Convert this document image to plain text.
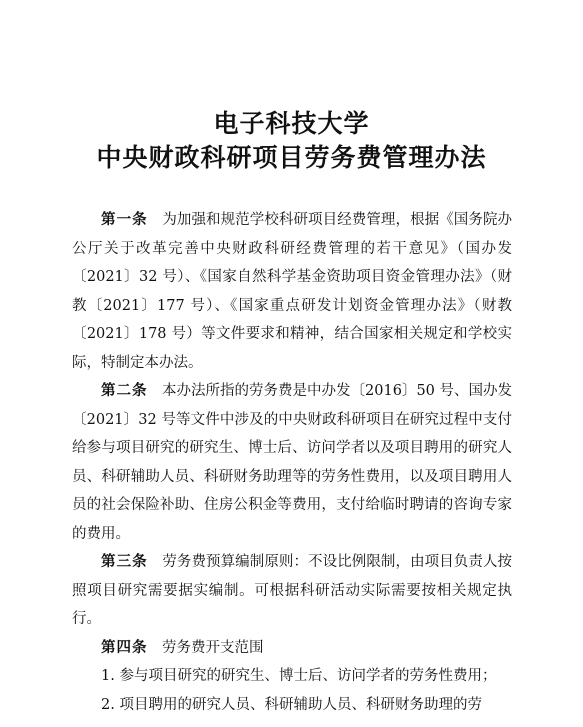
电子科技大学
中央财政科研项目劳务费管理办法

第一条　 为加强和规范学校科研项目经费管理，根据《国务院办公厅关于改革完善中央财政科研经费管理的若干意见》（国办发〔2021〕32 号）、《国家自然科学基金资助项目资金管理办法》（财教〔2021〕177 号）、《国家重点研发计划资金管理办法》（财教〔2021〕178 号）等文件要求和精神，结合国家相关规定和学校实际，特制定本办法。

第二条　 本办法所指的劳务费是中办发〔2016〕50 号、国办发〔2021〕32 号等文件中涉及的中央财政科研项目在研究过程中支付给参与项目研究的研究生、博士后、访问学者以及项目聘用的研究人员、科研辅助人员、科研财务助理等的劳务性费用，以及项目聘用人员的社会保险补助、住房公积金等费用，支付给临时聘请的咨询专家的费用。

第三条　 劳务费预算编制原则：不设比例限制，由项目负责人按照项目研究需要据实编制。可根据科研活动实际需要按相关规定执行。

第四条　 劳务费开支范围

1. 参与项目研究的研究生、博士后、访问学者的劳务性费用；

2. 项目聘用的研究人员、科研辅助人员、科研财务助理的劳
